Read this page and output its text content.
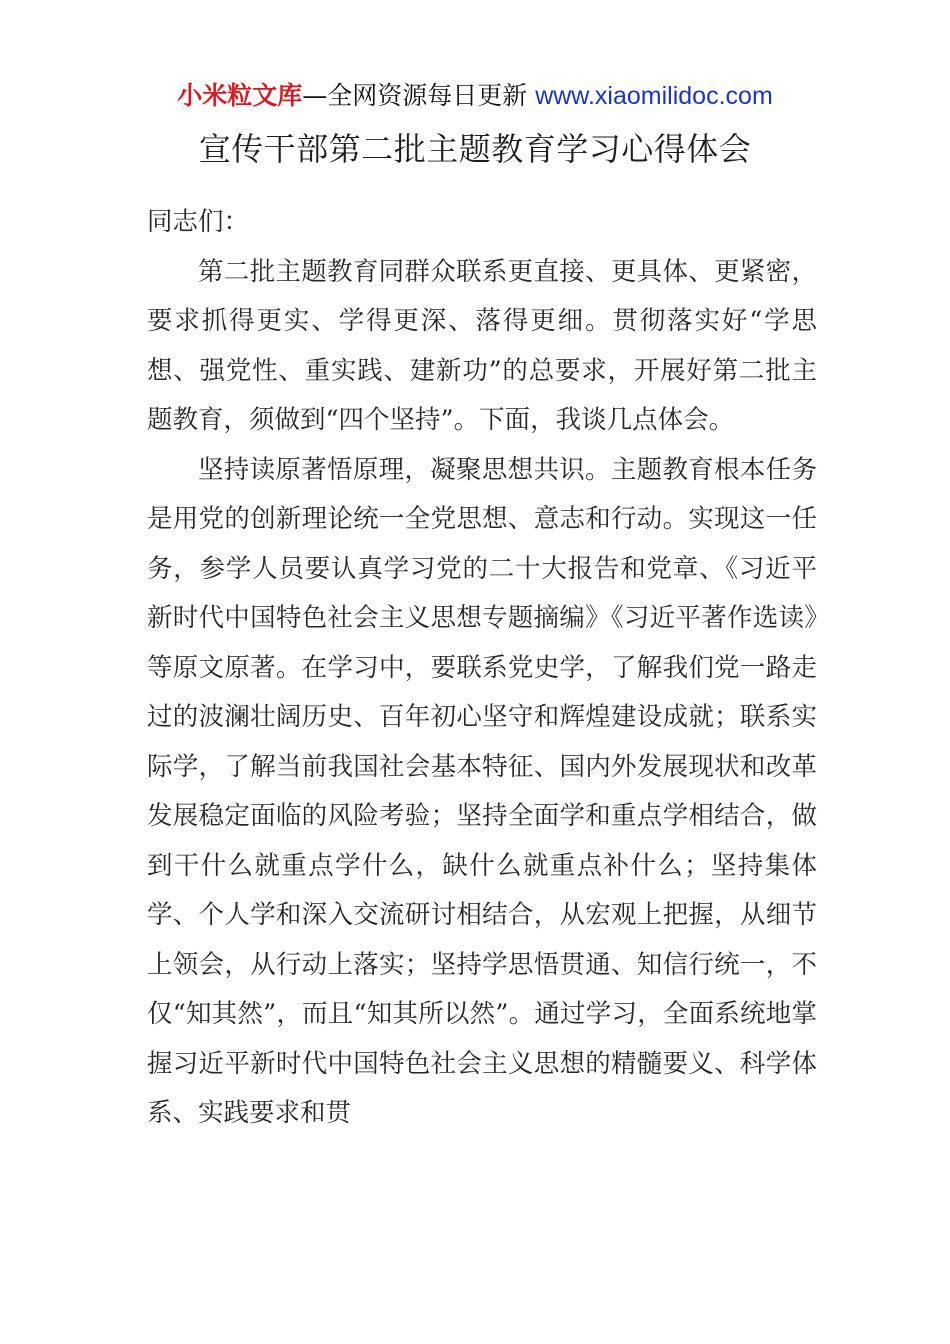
小米粒文库—全网资源每日更新 www.xiaomilidoc.com
宣传干部第二批主题教育学习心得体会

同志们：

第二批主题教育同群众联系更直接、更具体、更紧密，要求抓得更实、学得更深、落得更细。贯彻落实好“学思想、强党性、重实践、建新功”的总要求，开展好第二批主题教育，须做到“四个坚持”。下面，我谈几点体会。

坚持读原著悟原理，凝聚思想共识。主题教育根本任务是用党的创新理论统一全党思想、意志和行动。实现这一任务，参学人员要认真学习党的二十大报告和党章、《习近平新时代中国特色社会主义思想专题摘编》《习近平著作选读》等原文原著。在学习中，要联系党史学，了解我们党一路走过的波澜壮阔历史、百年初心坚守和辉煌建设成就；联系实际学，了解当前我国社会基本特征、国内外发展现状和改革发展稳定面临的风险考验；坚持全面学和重点学相结合，做到干什么就重点学什么，缺什么就重点补什么；坚持集体学、个人学和深入交流研讨相结合，从宏观上把握，从细节上领会，从行动上落实；坚持学思悟贯通、知信行统一，不仅“知其然”，而且“知其所以然”。通过学习，全面系统地掌握习近平新时代中国特色社会主义思想的精髓要义、科学体系、实践要求和贯
